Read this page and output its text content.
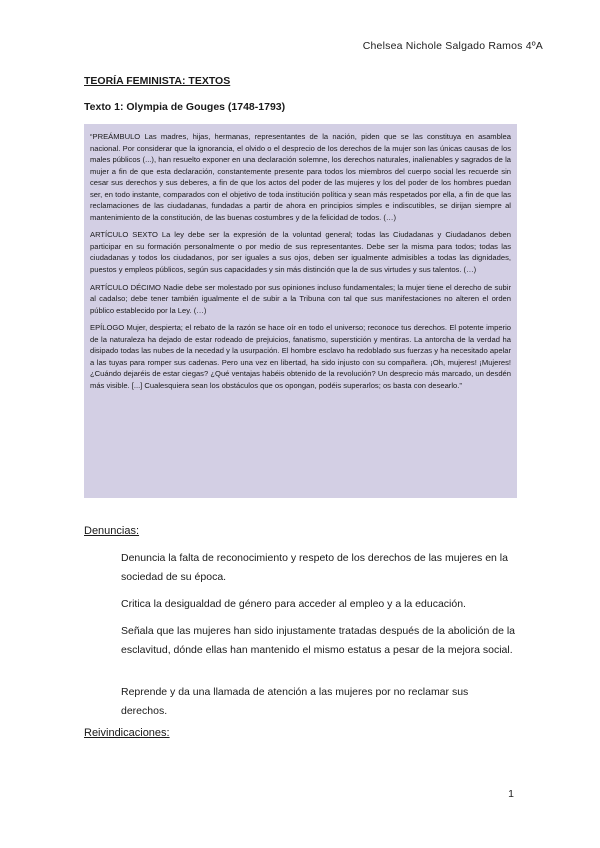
Chelsea Nichole Salgado Ramos 4ºA
TEORÍA FEMINISTA: TEXTOS
Texto 1: Olympia de Gouges (1748-1793)

“PREÁMBULO Las madres, hijas, hermanas, representantes de la nación, piden que se las constituya en asamblea nacional. Por considerar que la ignorancia, el olvido o el desprecio de los derechos de la mujer son las únicas causas de los males públicos (...), han resuelto exponer en una declaración solemne, los derechos naturales, inalienables y sagrados de la mujer a fin de que esta declaración, constantemente presente para todos los miembros del cuerpo social les recuerde sin cesar sus derechos y sus deberes, a fin de que los actos del poder de las mujeres y los del poder de los hombres puedan ser, en todo instante, comparados con el objetivo de toda institución política y sean más respetados por ella, a fin de que las reclamaciones de las ciudadanas, fundadas a partir de ahora en principios simples e indiscutibles, se dirijan siempre al mantenimiento de la constitución, de las buenas costumbres y de la felicidad de todos. (…)

ARTÍCULO SEXTO La ley debe ser la expresión de la voluntad general; todas las Ciudadanas y Ciudadanos deben participar en su formación personalmente o por medio de sus representantes. Debe ser la misma para todos; todas las ciudadanas y todos los ciudadanos, por ser iguales a sus ojos, deben ser igualmente admisibles a todas las dignidades, puestos y empleos públicos, según sus capacidades y sin más distinción que la de sus virtudes y sus talentos. (…)

ARTÍCULO DÉCIMO Nadie debe ser molestado por sus opiniones incluso fundamentales; la mujer tiene el derecho de subir al cadalso; debe tener también igualmente el de subir a la Tribuna con tal que sus manifestaciones no alteren el orden público establecido por la Ley. (…)

EPÍLOGO Mujer, despierta; el rebato de la razón se hace oír en todo el universo; reconoce tus derechos. El potente imperio de la naturaleza ha dejado de estar rodeado de prejuicios, fanatismo, superstición y mentiras. La antorcha de la verdad ha disipado todas las nubes de la necedad y la usurpación. El hombre esclavo ha redoblado sus fuerzas y ha necesitado apelar a las tuyas para romper sus cadenas. Pero una vez en libertad, ha sido injusto con su compañera. ¡Oh, mujeres! ¡Mujeres! ¿Cuándo dejaréis de estar ciegas? ¿Qué ventajas habéis obtenido de la revolución? Un desprecio más marcado, un desdén más visible. [...] Cualesquiera sean los obstáculos que os opongan, podéis superarlos; os basta con desearlo.”

Denuncias:

Denuncia la falta de reconocimiento y respeto de los derechos de las mujeres en la sociedad de su época.

Critica la desigualdad de género para acceder al empleo y a la educación.

Señala que las mujeres han sido injustamente tratadas después de la abolición de la esclavitud, dónde ellas han mantenido el mismo estatus a pesar de la mejora social.

Reprende y da una llamada de atención a las mujeres por no reclamar sus derechos.

Reivindicaciones:
1
